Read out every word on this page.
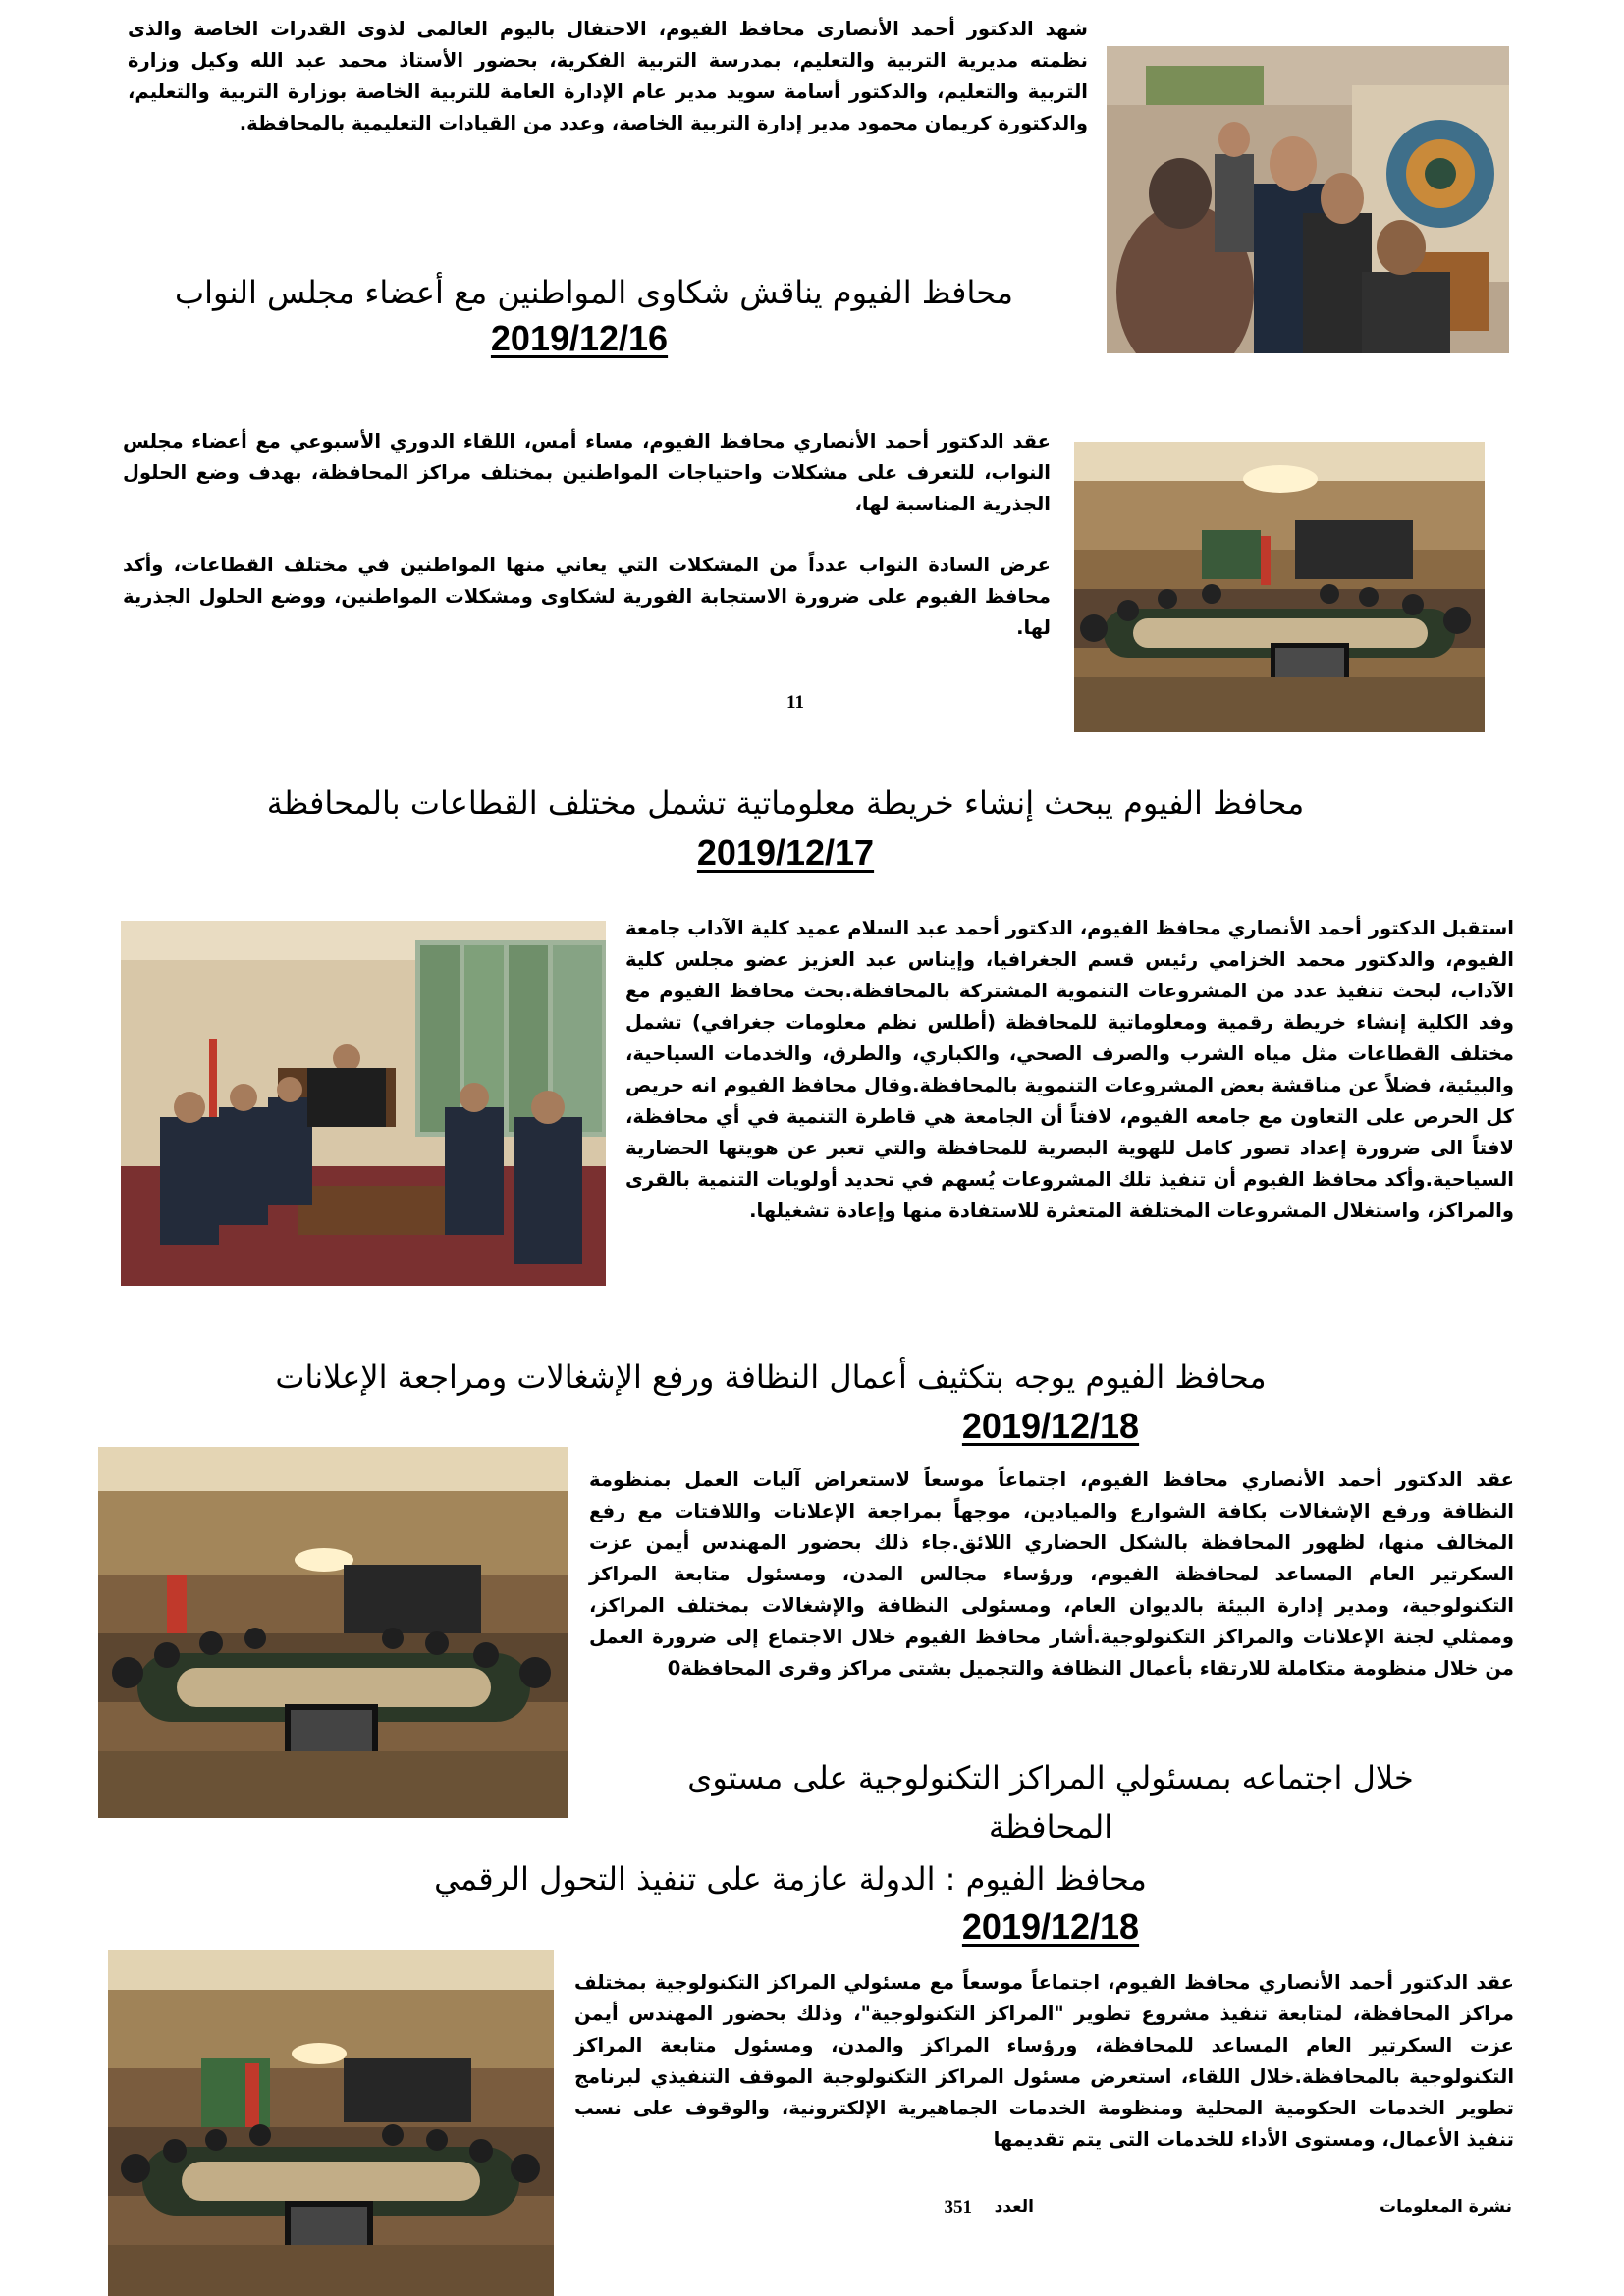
شهد الدكتور أحمد الأنصارى محافظ الفيوم، الاحتفال باليوم العالمى لذوى القدرات الخاصة والذى نظمته مديرية التربية والتعليم، بمدرسة التربية الفكرية، بحضور الأستاذ محمد عبد الله وكيل وزارة التربية والتعليم، والدكتور أسامة سويد مدير عام الإدارة العامة للتربية الخاصة بوزارة التربية والتعليم، والدكتورة كريمان محمود مدير إدارة التربية الخاصة، وعدد من القيادات التعليمية بالمحافظة.

محافظ الفيوم يناقش شكاوى المواطنين مع أعضاء مجلس النواب
2019/12/16

عقد الدكتور أحمد الأنصاري محافظ الفيوم، مساء أمس، اللقاء الدوري الأسبوعي مع أعضاء مجلس النواب، للتعرف على مشكلات واحتياجات المواطنين بمختلف مراكز المحافظة، بهدف وضع الحلول الجذرية المناسبة لها،

عرض السادة النواب عدداً من المشكلات التي يعاني منها المواطنين في مختلف القطاعات، وأكد محافظ الفيوم على ضرورة الاستجابة الفورية لشكاوى ومشكلات المواطنين، ووضع الحلول الجذرية لها.

11
محافظ الفيوم يبحث إنشاء خريطة معلوماتية تشمل مختلف القطاعات بالمحافظة
2019/12/17

استقبل الدكتور أحمد الأنصاري محافظ الفيوم، الدكتور أحمد عبد السلام عميد كلية الآداب جامعة الفيوم، والدكتور محمد الخزامي رئيس قسم الجغرافيا، وإيناس عبد العزيز عضو مجلس كلية الآداب، لبحث تنفيذ عدد من المشروعات التنموية المشتركة بالمحافظة.بحث محافظ الفيوم مع وفد الكلية إنشاء خريطة رقمية ومعلوماتية للمحافظة (أطلس نظم معلومات جغرافي) تشمل مختلف القطاعات مثل مياه الشرب والصرف الصحي، والكباري، والطرق، والخدمات السياحية، والبيئية، فضلاً عن مناقشة بعض المشروعات التنموية بالمحافظة.وقال محافظ الفيوم انه حريص كل الحرص على التعاون مع جامعه الفيوم، لافتاً أن الجامعة هي قاطرة التنمية في أي محافظة، لافتاً الى ضرورة إعداد تصور كامل للهوية البصرية للمحافظة والتي تعبر عن هويتها الحضارية السياحية.وأكد محافظ الفيوم أن تنفيذ تلك المشروعات يُسهم في تحديد أولويات التنمية بالقرى والمراكز، واستغلال المشروعات المختلفة المتعثرة للاستفادة منها وإعادة تشغيلها.

محافظ الفيوم يوجه بتكثيف أعمال النظافة ورفع الإشغالات ومراجعة الإعلانات
2019/12/18

عقد الدكتور أحمد الأنصاري محافظ الفيوم، اجتماعاً موسعاً لاستعراض آليات العمل بمنظومة النظافة ورفع الإشغالات بكافة الشوارع والميادين، موجهاً بمراجعة الإعلانات واللافتات مع رفع المخالف منها، لظهور المحافظة بالشكل الحضاري اللائق.جاء ذلك بحضور المهندس أيمن عزت السكرتير العام المساعد لمحافظة الفيوم، ورؤساء مجالس المدن، ومسئول متابعة المراكز التكنولوجية، ومدير إدارة البيئة بالديوان العام، ومسئولى النظافة والإشغالات بمختلف المراكز، وممثلي لجنة الإعلانات والمراكز التكنولوجية.أشار محافظ الفيوم خلال الاجتماع إلى ضرورة العمل من خلال منظومة متكاملة للارتقاء بأعمال النظافة والتجميل بشتى مراكز وقرى المحافظة0

خلال اجتماعه بمسئولي المراكز التكنولوجية على مستوى
المحافظة
محافظ الفيوم : الدولة عازمة على تنفيذ التحول الرقمي
2019/12/18

عقد الدكتور أحمد الأنصاري محافظ الفيوم، اجتماعاً موسعاً مع مسئولي المراكز التكنولوجية بمختلف مراكز المحافظة، لمتابعة تنفيذ مشروع تطوير "المراكز التكنولوجية"، وذلك بحضور المهندس أيمن عزت السكرتير العام المساعد للمحافظة، ورؤساء المراكز والمدن، ومسئول متابعة المراكز التكنولوجية بالمحافظة.خلال اللقاء، استعرض مسئول المراكز التكنولوجية الموقف التنفيذي لبرنامج تطوير الخدمات الحكومية المحلية ومنظومة الخدمات الجماهيرية الإلكترونية، والوقوف على نسب تنفيذ الأعمال، ومستوى الأداء للخدمات التى يتم تقديمها

نشرة المعلومات
العدد
351
